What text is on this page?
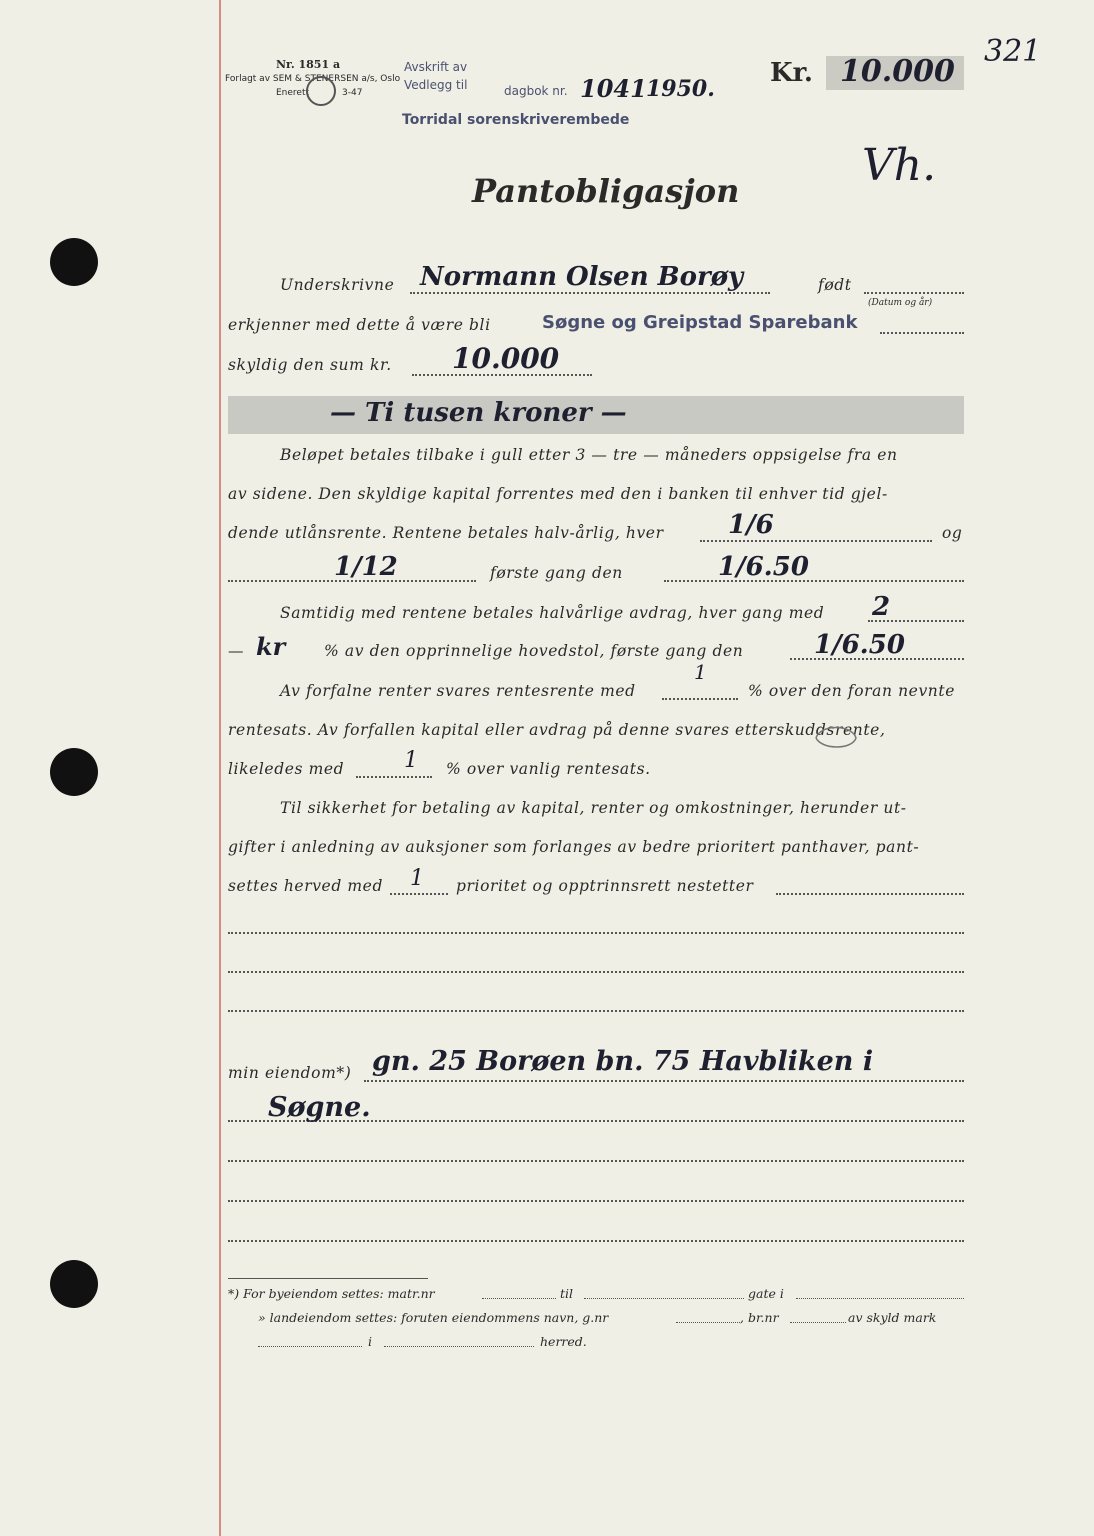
Nr. 1851 a
Forlagt av SEM & STENERSEN a/s, Oslo
Enerett	3-47
Avskrift av
Vedlegg til	dagbok nr. 1041 1950.
Torridal sorenskriverembede
Kr. 10.000
321
Vh.
Pantobligasjon
Underskrivne Normann Olsen Borøy	født
(Datum og år)
erkjenner med dette å være bli	Søgne og Greipstad Sparebank
skyldig den sum kr. 10.000
— Ti tusen kroner —
Beløpet betales tilbake i gull etter 3 — tre — måneders oppsigelse fra en
av sidene. Den skyldige kapital forrentes med den i banken til enhver tid gjel-
dende utlånsrente. Rentene betales halv-årlig, hver 1/6	og
1/12	første gang den	1/6.50
Samtidig med rentene betales halvårlige avdrag, hver gang med 2
— kr % av den opprinnelige hovedstol, første gang den	1/6.50
Av forfalne renter svares rentesrente med
1
% over den foran nevnte
rentesats. Av forfallen kapital eller avdrag på denne svares etterskuddsrente,
likeledes med	1 % over vanlig rentesats.
Til sikkerhet for betaling av kapital, renter og omkostninger, herunder ut-
gifter i anledning av auksjoner som forlanges av bedre prioritert panthaver, pant-
settes herved med 1 prioritet og opptrinnsrett nestetter
min eiendom*) gn. 25 Borøen bn. 75 Havbliken i
Søgne.
*) For byeiendom settes: matr.nr	til	gate i
» landeiendom settes: foruten eiendommens navn, g.nr	, br.nr	av skyld mark
i	herred.
